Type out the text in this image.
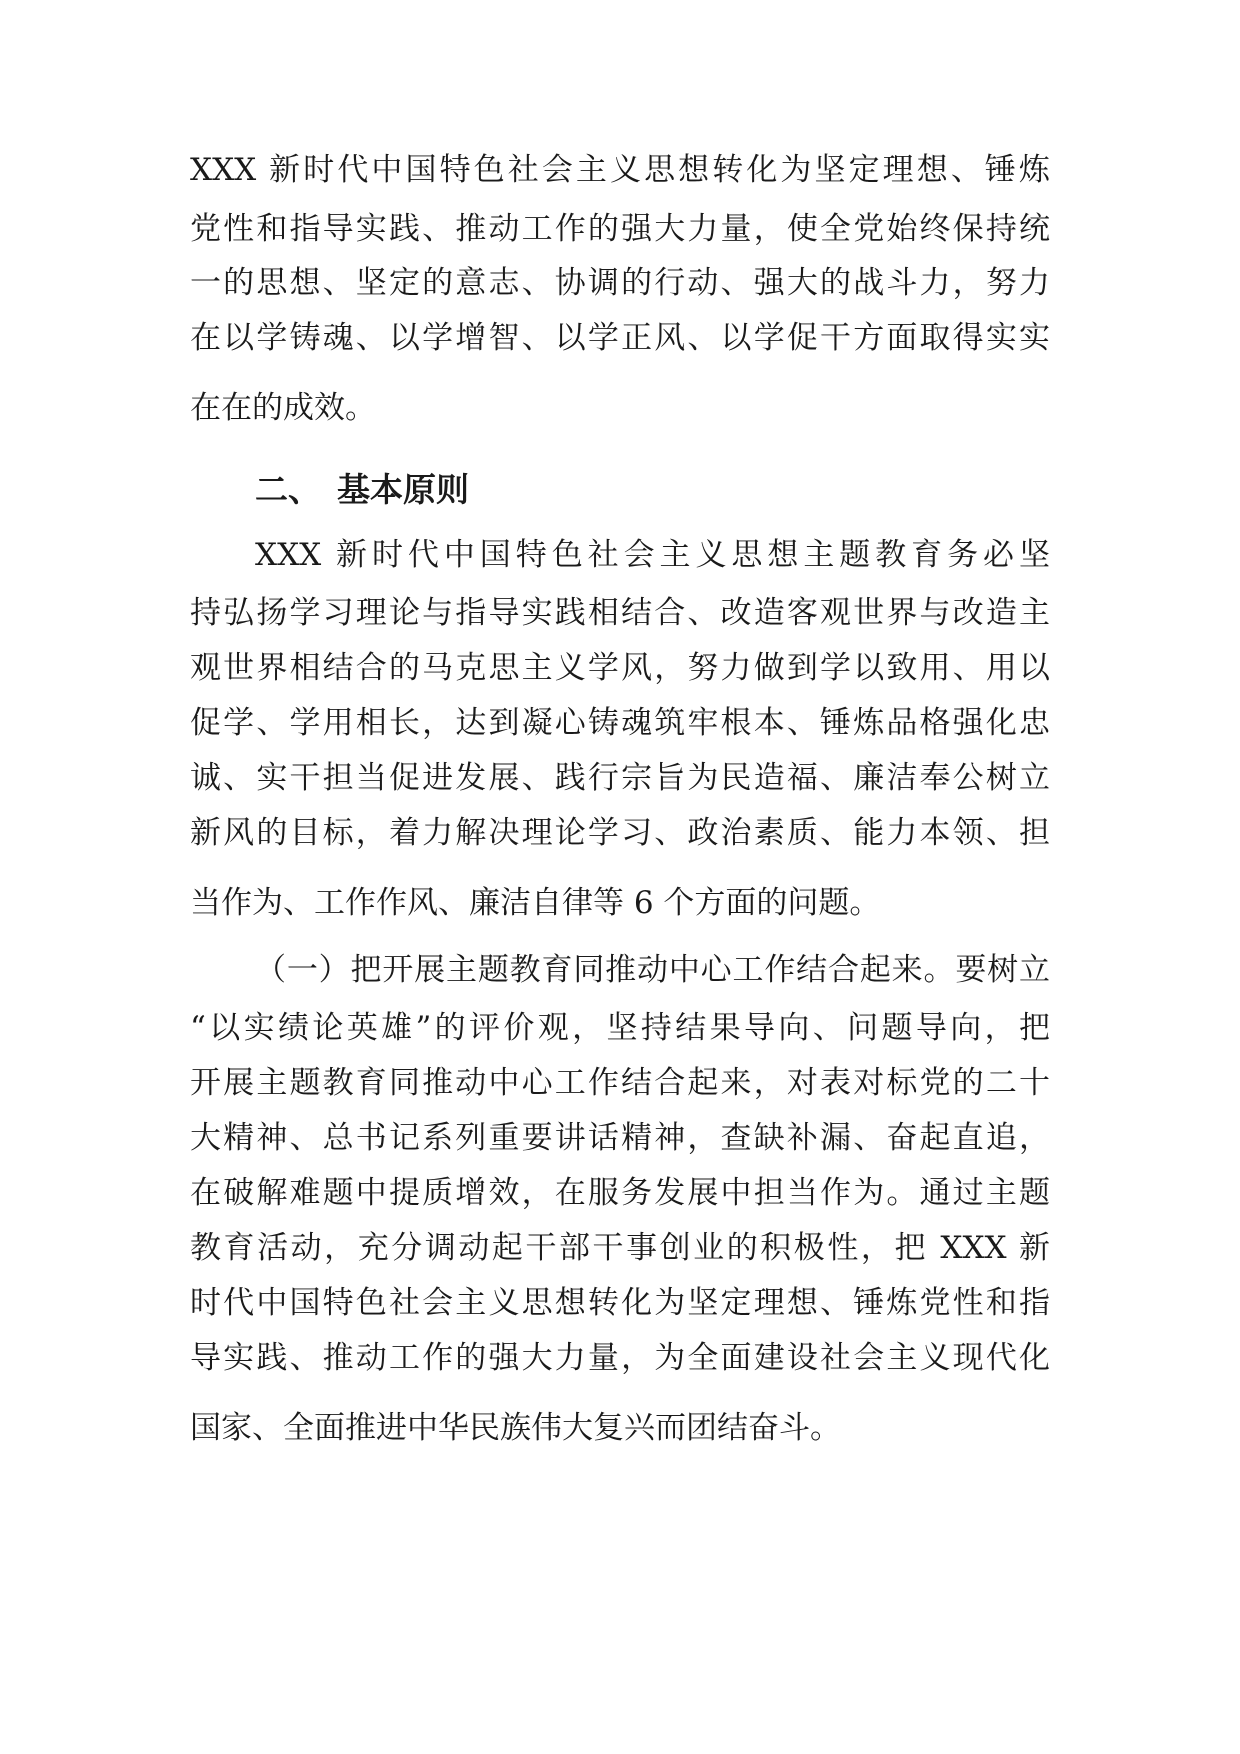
XXX 新时代中国特色社会主义思想转化为坚定理想、锤炼
党性和指导实践、推动工作的强大力量，使全党始终保持统
一的思想、坚定的意志、协调的行动、强大的战斗力，努力
在以学铸魂、以学增智、以学正风、以学促干方面取得实实
在在的成效。
二、 基本原则
XXX 新时代中国特色社会主义思想主题教育务必坚
持弘扬学习理论与指导实践相结合、改造客观世界与改造主
观世界相结合的马克思主义学风，努力做到学以致用、用以
促学、学用相长，达到凝心铸魂筑牢根本、锤炼品格强化忠
诚、实干担当促进发展、践行宗旨为民造福、廉洁奉公树立
新风的目标，着力解决理论学习、政治素质、能力本领、担
当作为、工作作风、廉洁自律等 6 个方面的问题。
（一）把开展主题教育同推动中心工作结合起来。要树立
“以实绩论英雄”的评价观，坚持结果导向、问题导向，把
开展主题教育同推动中心工作结合起来，对表对标党的二十
大精神、总书记系列重要讲话精神，查缺补漏、奋起直追，
在破解难题中提质增效，在服务发展中担当作为。通过主题
教育活动，充分调动起干部干事创业的积极性，把 XXX 新
时代中国特色社会主义思想转化为坚定理想、锤炼党性和指
导实践、推动工作的强大力量，为全面建设社会主义现代化
国家、全面推进中华民族伟大复兴而团结奋斗。
